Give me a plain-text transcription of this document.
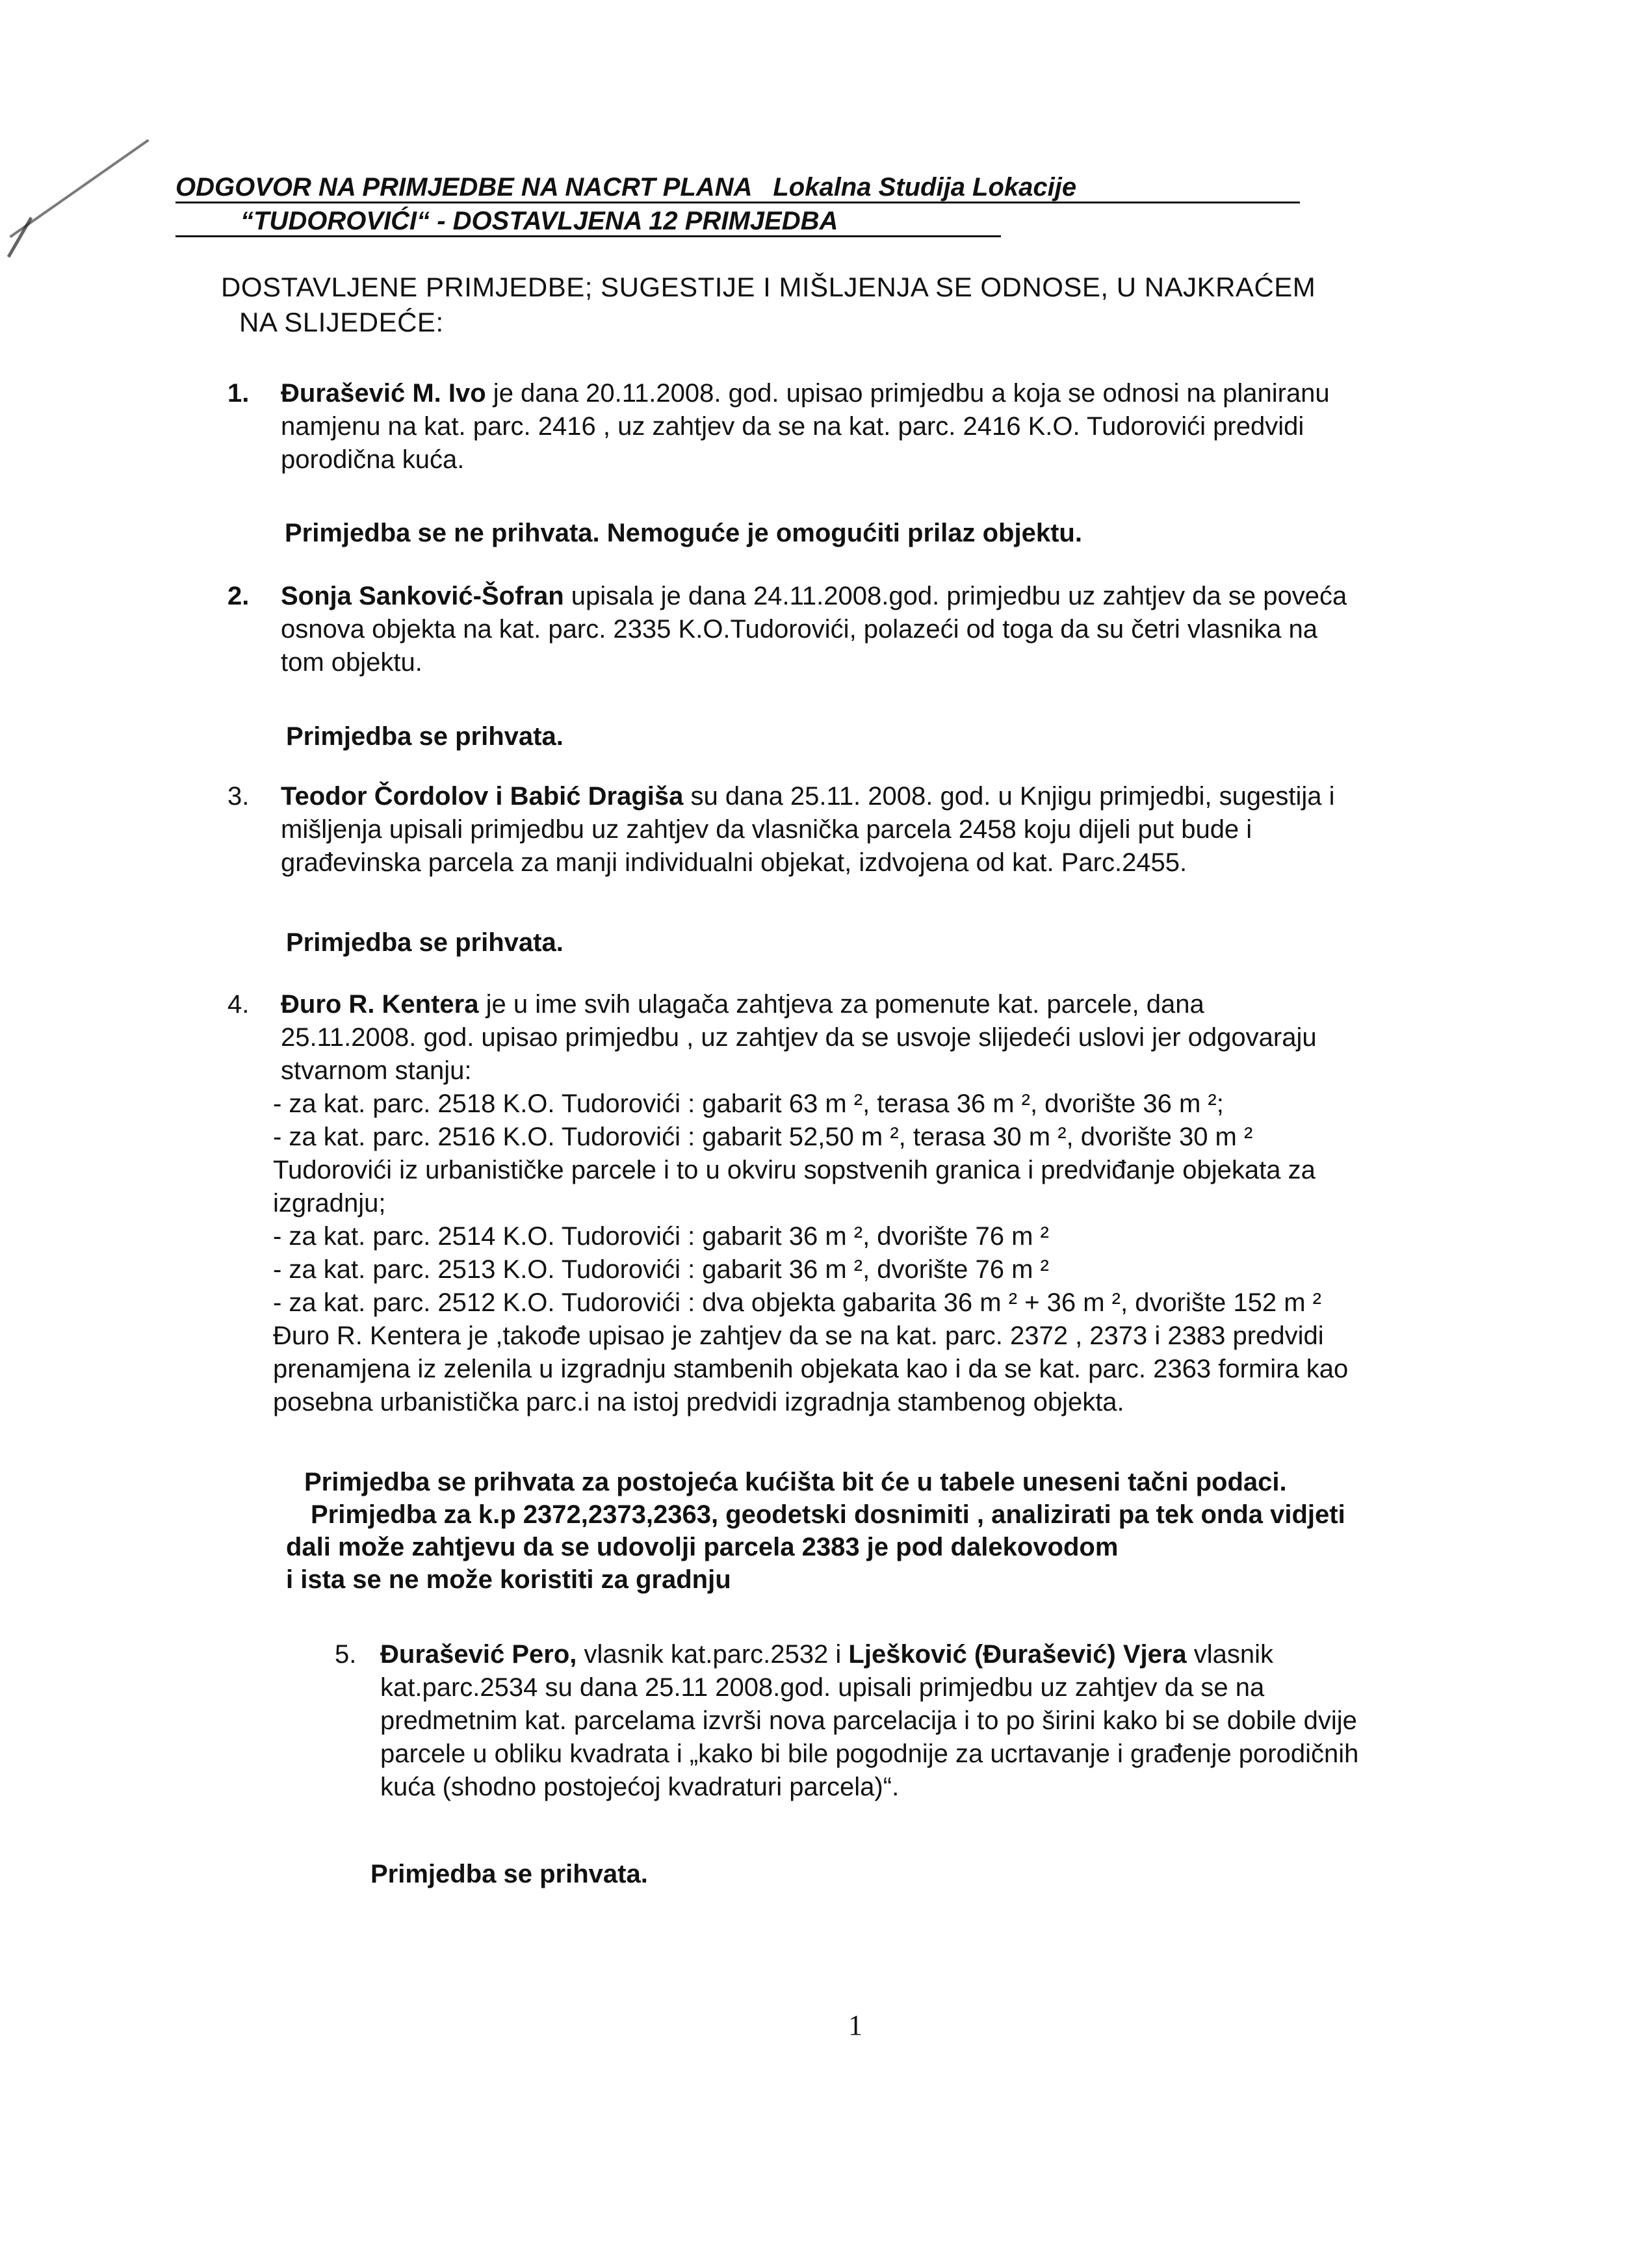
ODGOVOR NA PRIMJEDBE NA NACRT PLANA Lokalna Studija Lokacije
“TUDOROVIĆI“ - DOSTAVLJENA 12 PRIMJEDBA
DOSTAVLJENE PRIMJEDBE; SUGESTIJE I MIŠLJENJA SE ODNOSE, U NAJKRAĆEM
NA SLIJEDEĆE:
1.	Đurašević M. Ivo je dana 20.11.2008. god. upisao primjedbu a koja se odnosi na planiranu
namjenu na kat. parc. 2416 , uz zahtjev da se na kat. parc. 2416 K.O. Tudorovići predvidi
porodična kuća.
Primjedba se ne prihvata. Nemoguće je omogućiti prilaz objektu.
2.	Sonja Sanković-Šofran upisala je dana 24.11.2008.god. primjedbu uz zahtjev da se poveća
osnova objekta na kat. parc. 2335 K.O.Tudorovići, polazeći od toga da su četri vlasnika na
tom objektu.
Primjedba se prihvata.
3.	Teodor Čordolov i Babić Dragiša su dana 25.11. 2008. god. u Knjigu primjedbi, sugestija i
mišljenja upisali primjedbu uz zahtjev da vlasnička parcela 2458 koju dijeli put bude i
građevinska parcela za manji individualni objekat, izdvojena od kat. Parc.2455.
Primjedba se prihvata.
4.	Đuro R. Kentera je u ime svih ulagača zahtjeva za pomenute kat. parcele, dana
25.11.2008. god. upisao primjedbu , uz zahtjev da se usvoje slijedeći uslovi jer odgovaraju
stvarnom stanju:
- za kat. parc. 2518 K.O. Tudorovići : gabarit 63 m ², terasa 36 m ², dvorište 36 m ²;
- za kat. parc. 2516 K.O. Tudorovići : gabarit 52,50 m ², terasa 30 m ², dvorište 30 m ²
Tudorovići iz urbanističke parcele i to u okviru sopstvenih granica i predviđanje objekata za
izgradnju;
- za kat. parc. 2514 K.O. Tudorovići : gabarit 36 m ², dvorište 76 m ²
- za kat. parc. 2513 K.O. Tudorovići : gabarit 36 m ², dvorište 76 m ²
- za kat. parc. 2512 K.O. Tudorovići : dva objekta gabarita 36 m ² + 36 m ², dvorište 152 m ²
Đuro R. Kentera je ,takođe upisao je zahtjev da se na kat. parc. 2372 , 2373 i 2383 predvidi
prenamjena iz zelenila u izgradnju stambenih objekata kao i da se kat. parc. 2363 formira kao
posebna urbanistička parc.i na istoj predvidi izgradnja stambenog objekta.
Primjedba se prihvata za postojeća kućišta bit će u tabele uneseni tačni podaci.
Primjedba za k.p 2372,2373,2363, geodetski dosnimiti , analizirati pa tek onda vidjeti
dali može zahtjevu da se udovolji parcela 2383 je pod dalekovodom
i ista se ne može koristiti za gradnju
5. Đurašević Pero, vlasnik kat.parc.2532 i Lješković (Đurašević) Vjera vlasnik
kat.parc.2534 su dana 25.11 2008.god. upisali primjedbu uz zahtjev da se na
predmetnim kat. parcelama izvrši nova parcelacija i to po širini kako bi se dobile dvije
parcele u obliku kvadrata i „kako bi bile pogodnije za ucrtavanje i građenje porodičnih
kuća (shodno postojećoj kvadraturi parcela)“.
Primjedba se prihvata.
1
